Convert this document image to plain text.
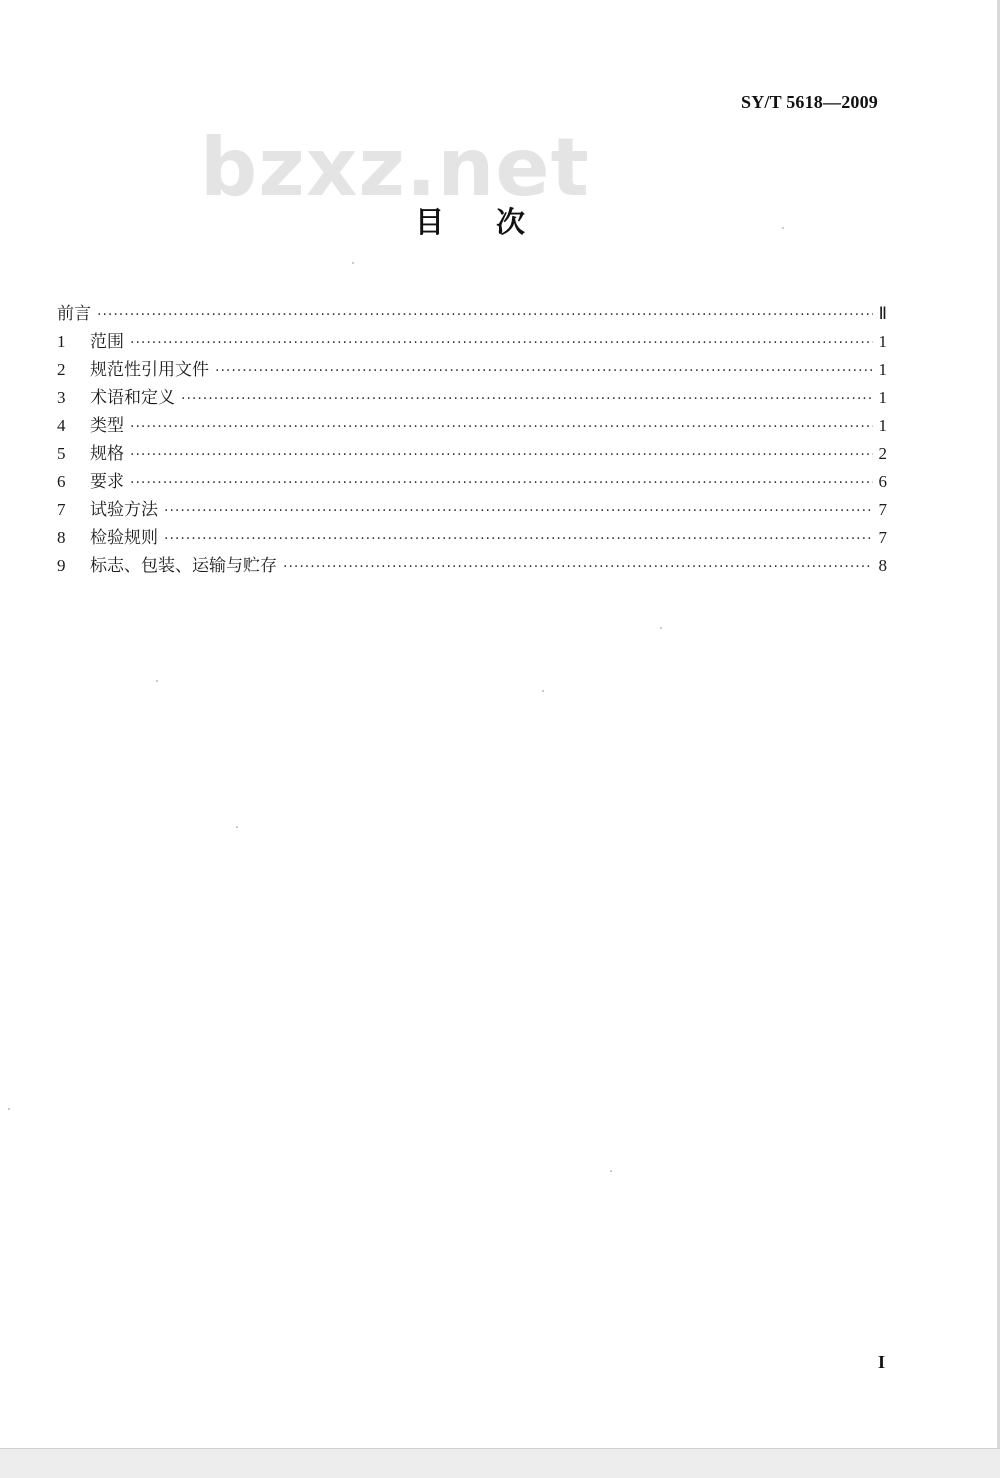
SY/T 5618—2009
bzxz.net
目 次
前言 ·····	Ⅱ
1	范围 ·····	1
2	规范性引用文件 ·····	1
3	术语和定义 ·····	1
4	类型 ·····	1
5	规格 ·····	2
6	要求 ·····	6
7	试验方法 ·····	7
8	检验规则 ·····	7
9	标志、包装、运输与贮存 ·····	8
I
